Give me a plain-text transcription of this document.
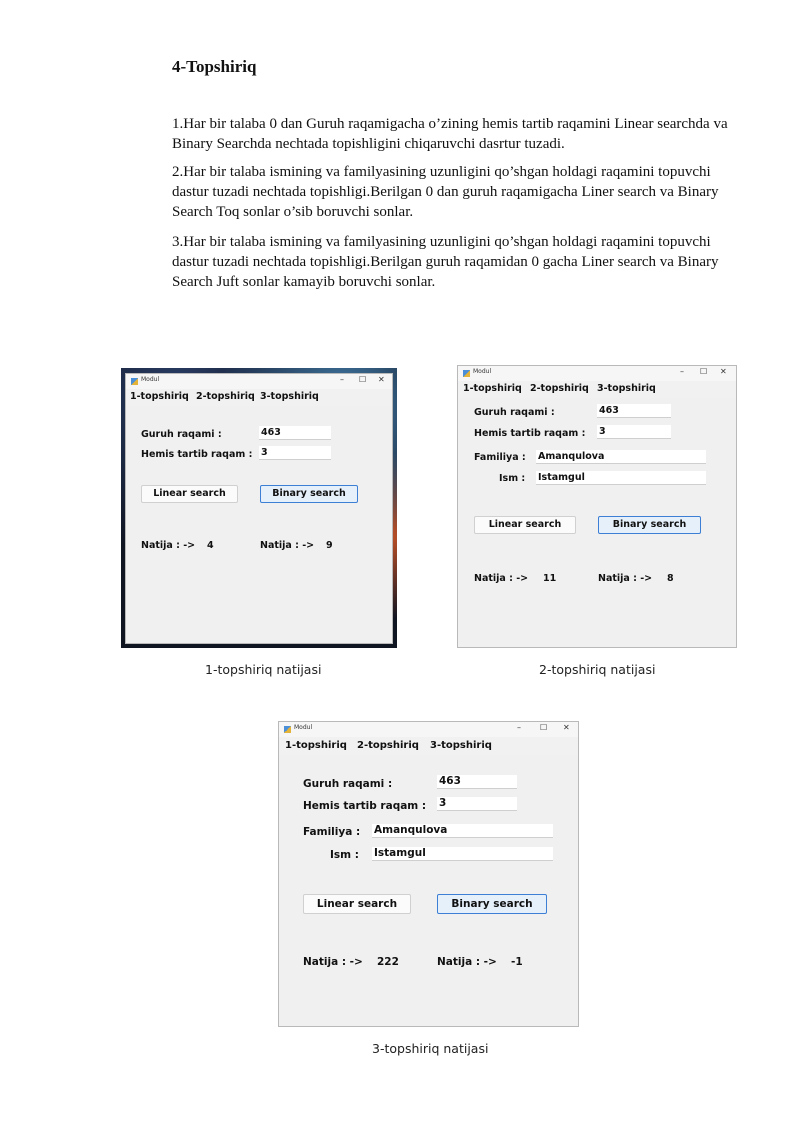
4-Topshiriq
1.Har bir talaba 0 dan Guruh raqamigacha o’zining hemis tartib raqamini Linear searchda va Binary Searchda nechtada topishligini chiqaruvchi dasrtur tuzadi.
2.Har bir talaba ismining va familyasining uzunligini qo’shgan holdagi raqamini topuvchi dastur tuzadi nechtada topishligi.Berilgan 0 dan guruh raqamigacha Liner search va Binary Search Toq sonlar o’sib boruvchi sonlar.
3.Har bir talaba ismining va familyasining uzunligini qo’shgan holdagi raqamini topuvchi dastur tuzadi nechtada topishligi.Berilgan guruh raqamidan 0 gacha Liner search va Binary Search Juft sonlar kamayib boruvchi sonlar.
Modul	– ☐ ✕
1-topshiriq 2-topshiriq 3-topshiriq
Guruh raqami :	463
Hemis tartib raqam : 3
Linear search	Binary search
Natija : -> 4	Natija : -> 9
Modul	– ☐ ✕
1-topshiriq 2-topshiriq 3-topshiriq
Guruh raqami :	463
Hemis tartib raqam : 3
Familiya : Amanqulova
Ism : Istamgul
Linear search	Binary search
Natija : -> 11	Natija : -> 8
Modul	– ☐ ✕
1-topshiriq 2-topshiriq 3-topshiriq
Guruh raqami :	463
Hemis tartib raqam : 3
Familiya : Amanqulova
Ism : Istamgul
Linear search	Binary search
Natija : -> 222	Natija : -> -1
1-topshiriq natijasi	2-topshiriq natijasi
3-topshiriq natijasi
